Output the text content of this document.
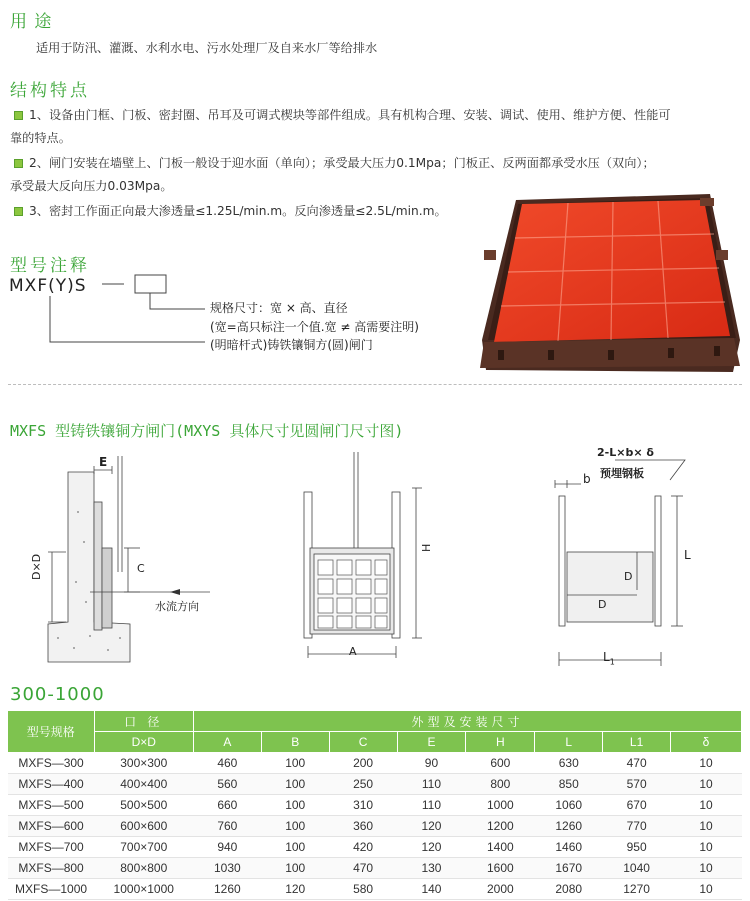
用 途
适用于防汛、灌溉、水利水电、污水处理厂及自来水厂等给排水
结构特点
1、设备由门框、门板、密封圈、吊耳及可调式楔块等部件组成。具有机构合理、安装、调试、使用、维护方便、性能可
靠的特点。
2、闸门安装在墙壁上、门板一般设于迎水面（单向）；承受最大压力0.1Mpa；门板正、反两面都承受水压（双向）；
承受最大反向压力0.03Mpa。
3、密封工作面正向最大渗透量≤1.25L/min.m。反向渗透量≤2.5L/min.m。
型号注释
MXF(Y)S
规格尺寸：宽 × 高、直径
(宽=高只标注一个值.宽 ≠ 高需要注明)
(明暗杆式)铸铁镶铜方(圆)闸门
MXFS 型铸铁镶铜方闸门(MXYS 具体尺寸见圆闸门尺寸图)
E
C
D×D
水流方向
H
A
2-L×b× δ
预埋钢板
b
L
D
D
$L_1$
300-1000
型号规格	口 径	外型及安装尺寸							
	D×D	A	B	C	E	H	L	L1	δ
MXFS—300	300×300	460	100	200	90	600	630	470	10
MXFS—400	400×400	560	100	250	110	800	850	570	10
MXFS—500	500×500	660	100	310	110	1000	1060	670	10
MXFS—600	600×600	760	100	360	120	1200	1260	770	10
MXFS—700	700×700	940	100	420	120	1400	1460	950	10
MXFS—800	800×800	1030	100	470	130	1600	1670	1040	10
MXFS—1000	1000×1000	1260	120	580	140	2000	2080	1270	10
